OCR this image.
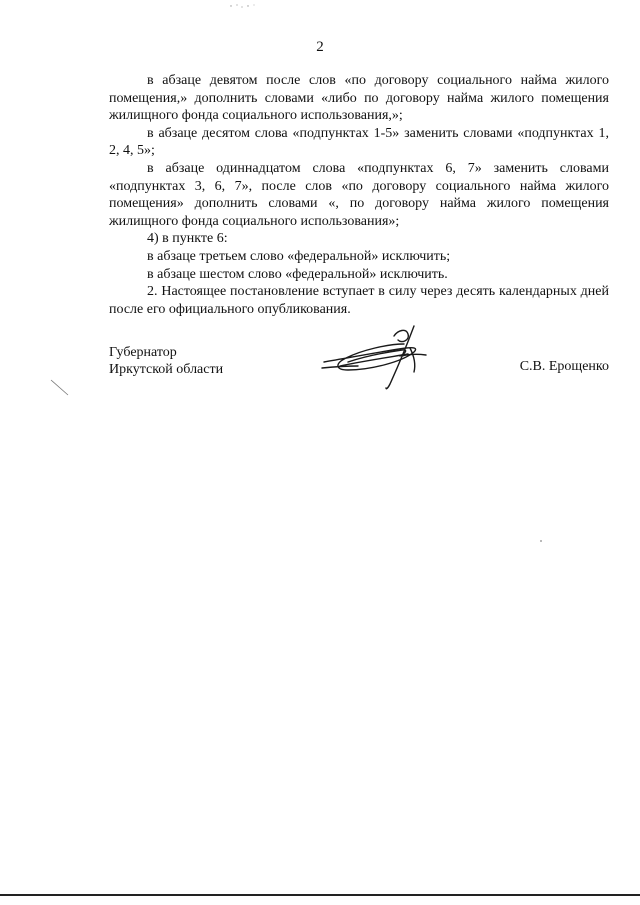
2

в абзаце девятом после слов «по договору социального найма жилого помещения,» дополнить словами «либо по договору найма жилого помещения жилищного фонда социального использования,»;

в абзаце десятом слова «подпунктах 1-5» заменить словами «подпунктах 1, 2, 4, 5»;

в абзаце одиннадцатом слова «подпунктах 6, 7» заменить словами «подпунктах 3, 6, 7», после слов «по договору социального найма жилого помещения» дополнить словами «, по договору найма жилого помещения жилищного фонда социального использования»;

4) в пункте 6:

в абзаце третьем слово «федеральной» исключить;

в абзаце шестом слово «федеральной» исключить.

2. Настоящее постановление вступает в силу через десять календарных дней после его официального опубликования.

Губернатор
Иркутской области	С.В. Ерощенко
